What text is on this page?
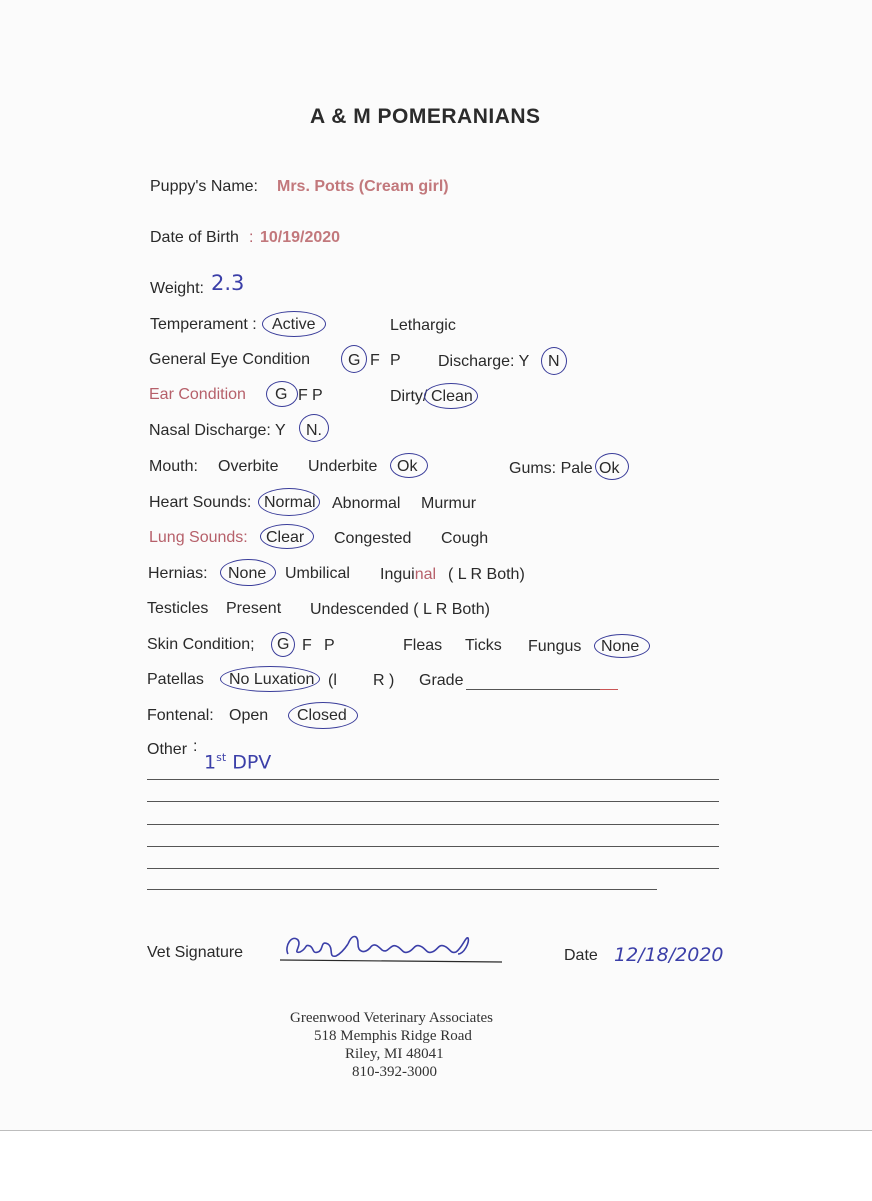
A & M POMERANIANS
Puppy's Name: Mrs. Potts (Cream girl)
Date of Birth : 10/19/2020
Weight: 2.3
Temperament : Active	Lethargic
General Eye Condition G F P Discharge: Y N
Ear Condition G F P	Dirty/ Clean
Nasal Discharge: Y N.
Mouth: Overbite Underbite Ok	Gums: Pale Ok
Heart Sounds: Normal Abnormal Murmur
Lung Sounds: Clear Congested Cough
Hernias: None Umbilical Inguinal ( L R Both)
Testicles Present Undescended ( L R Both)
Skin Condition; G F P	Fleas Ticks Fungus None
Patellas No Luxation (l R ) Grade
Fontenal: Open Closed
Other :
1st DPV
Vet Signature	Date 12/18/2020
Greenwood Veterinary Associates
518 Memphis Ridge Road
Riley, MI 48041
810-392-3000
